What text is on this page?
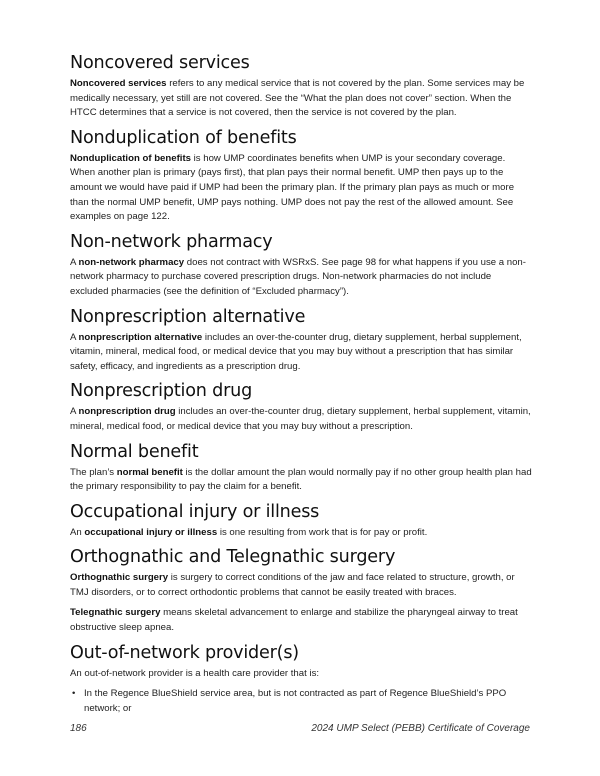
Noncovered services

Noncovered services refers to any medical service that is not covered by the plan. Some services may be medically necessary, yet still are not covered. See the “What the plan does not cover” section. When the HTCC determines that a service is not covered, then the service is not covered by the plan.

Nonduplication of benefits

Nonduplication of benefits is how UMP coordinates benefits when UMP is your secondary coverage. When another plan is primary (pays first), that plan pays their normal benefit. UMP then pays up to the amount we would have paid if UMP had been the primary plan. If the primary plan pays as much or more than the normal UMP benefit, UMP pays nothing. UMP does not pay the rest of the allowed amount. See examples on page 122.

Non-network pharmacy

A non-network pharmacy does not contract with WSRxS. See page 98 for what happens if you use a non-network pharmacy to purchase covered prescription drugs. Non-network pharmacies do not include excluded pharmacies (see the definition of “Excluded pharmacy”).

Nonprescription alternative

A nonprescription alternative includes an over-the-counter drug, dietary supplement, herbal supplement, vitamin, mineral, medical food, or medical device that you may buy without a prescription that has similar safety, efficacy, and ingredients as a prescription drug.

Nonprescription drug

A nonprescription drug includes an over-the-counter drug, dietary supplement, herbal supplement, vitamin, mineral, medical food, or medical device that you may buy without a prescription.

Normal benefit

The plan’s normal benefit is the dollar amount the plan would normally pay if no other group health plan had the primary responsibility to pay the claim for a benefit.

Occupational injury or illness

An occupational injury or illness is one resulting from work that is for pay or profit.

Orthognathic and Telegnathic surgery

Orthognathic surgery is surgery to correct conditions of the jaw and face related to structure, growth, or TMJ disorders, or to correct orthodontic problems that cannot be easily treated with braces.

Telegnathic surgery means skeletal advancement to enlarge and stabilize the pharyngeal airway to treat obstructive sleep apnea.

Out-of-network provider(s)

An out-of-network provider is a health care provider that is:

• In the Regence BlueShield service area, but is not contracted as part of Regence BlueShield’s PPO network; or
186	2024 UMP Select (PEBB) Certificate of Coverage
